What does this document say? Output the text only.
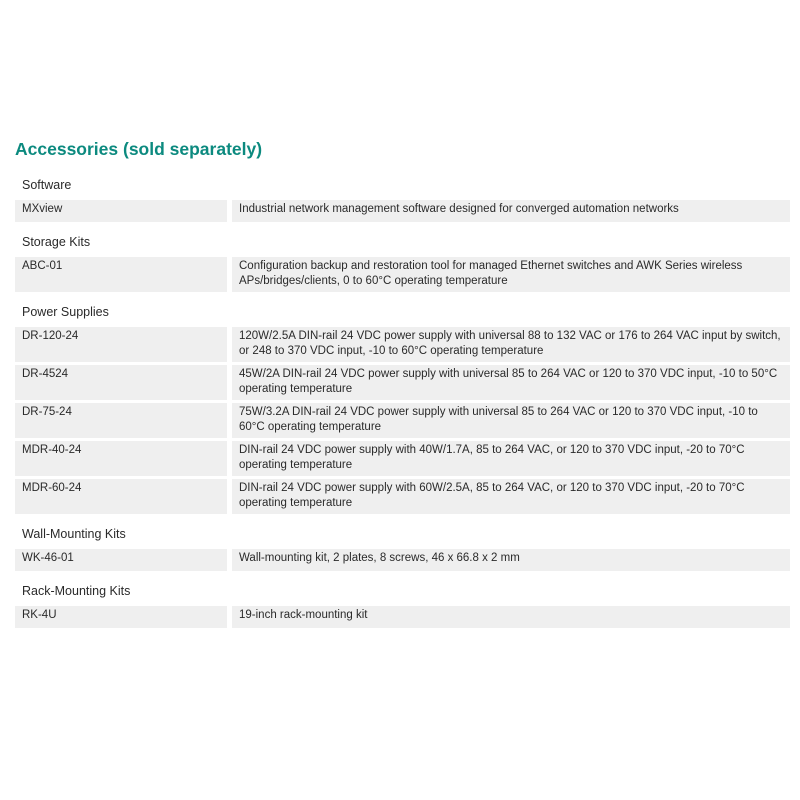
Accessories (sold separately)
Software
MXview	Industrial network management software designed for converged automation networks
Storage Kits
ABC-01	Configuration backup and restoration tool for managed Ethernet switches and AWK Series wireless APs/bridges/clients, 0 to 60°C operating temperature
Power Supplies
DR-120-24	120W/2.5A DIN-rail 24 VDC power supply with universal 88 to 132 VAC or 176 to 264 VAC input by switch, or 248 to 370 VDC input, -10 to 60°C operating temperature
DR-4524	45W/2A DIN-rail 24 VDC power supply with universal 85 to 264 VAC or 120 to 370 VDC input, -10 to 50°C operating temperature
DR-75-24	75W/3.2A DIN-rail 24 VDC power supply with universal 85 to 264 VAC or 120 to 370 VDC input, -10 to 60°C operating temperature
MDR-40-24	DIN-rail 24 VDC power supply with 40W/1.7A, 85 to 264 VAC, or 120 to 370 VDC input, -20 to 70°C operating temperature
MDR-60-24	DIN-rail 24 VDC power supply with 60W/2.5A, 85 to 264 VAC, or 120 to 370 VDC input, -20 to 70°C operating temperature
Wall-Mounting Kits
WK-46-01	Wall-mounting kit, 2 plates, 8 screws, 46 x 66.8 x 2 mm
Rack-Mounting Kits
RK-4U	19-inch rack-mounting kit
